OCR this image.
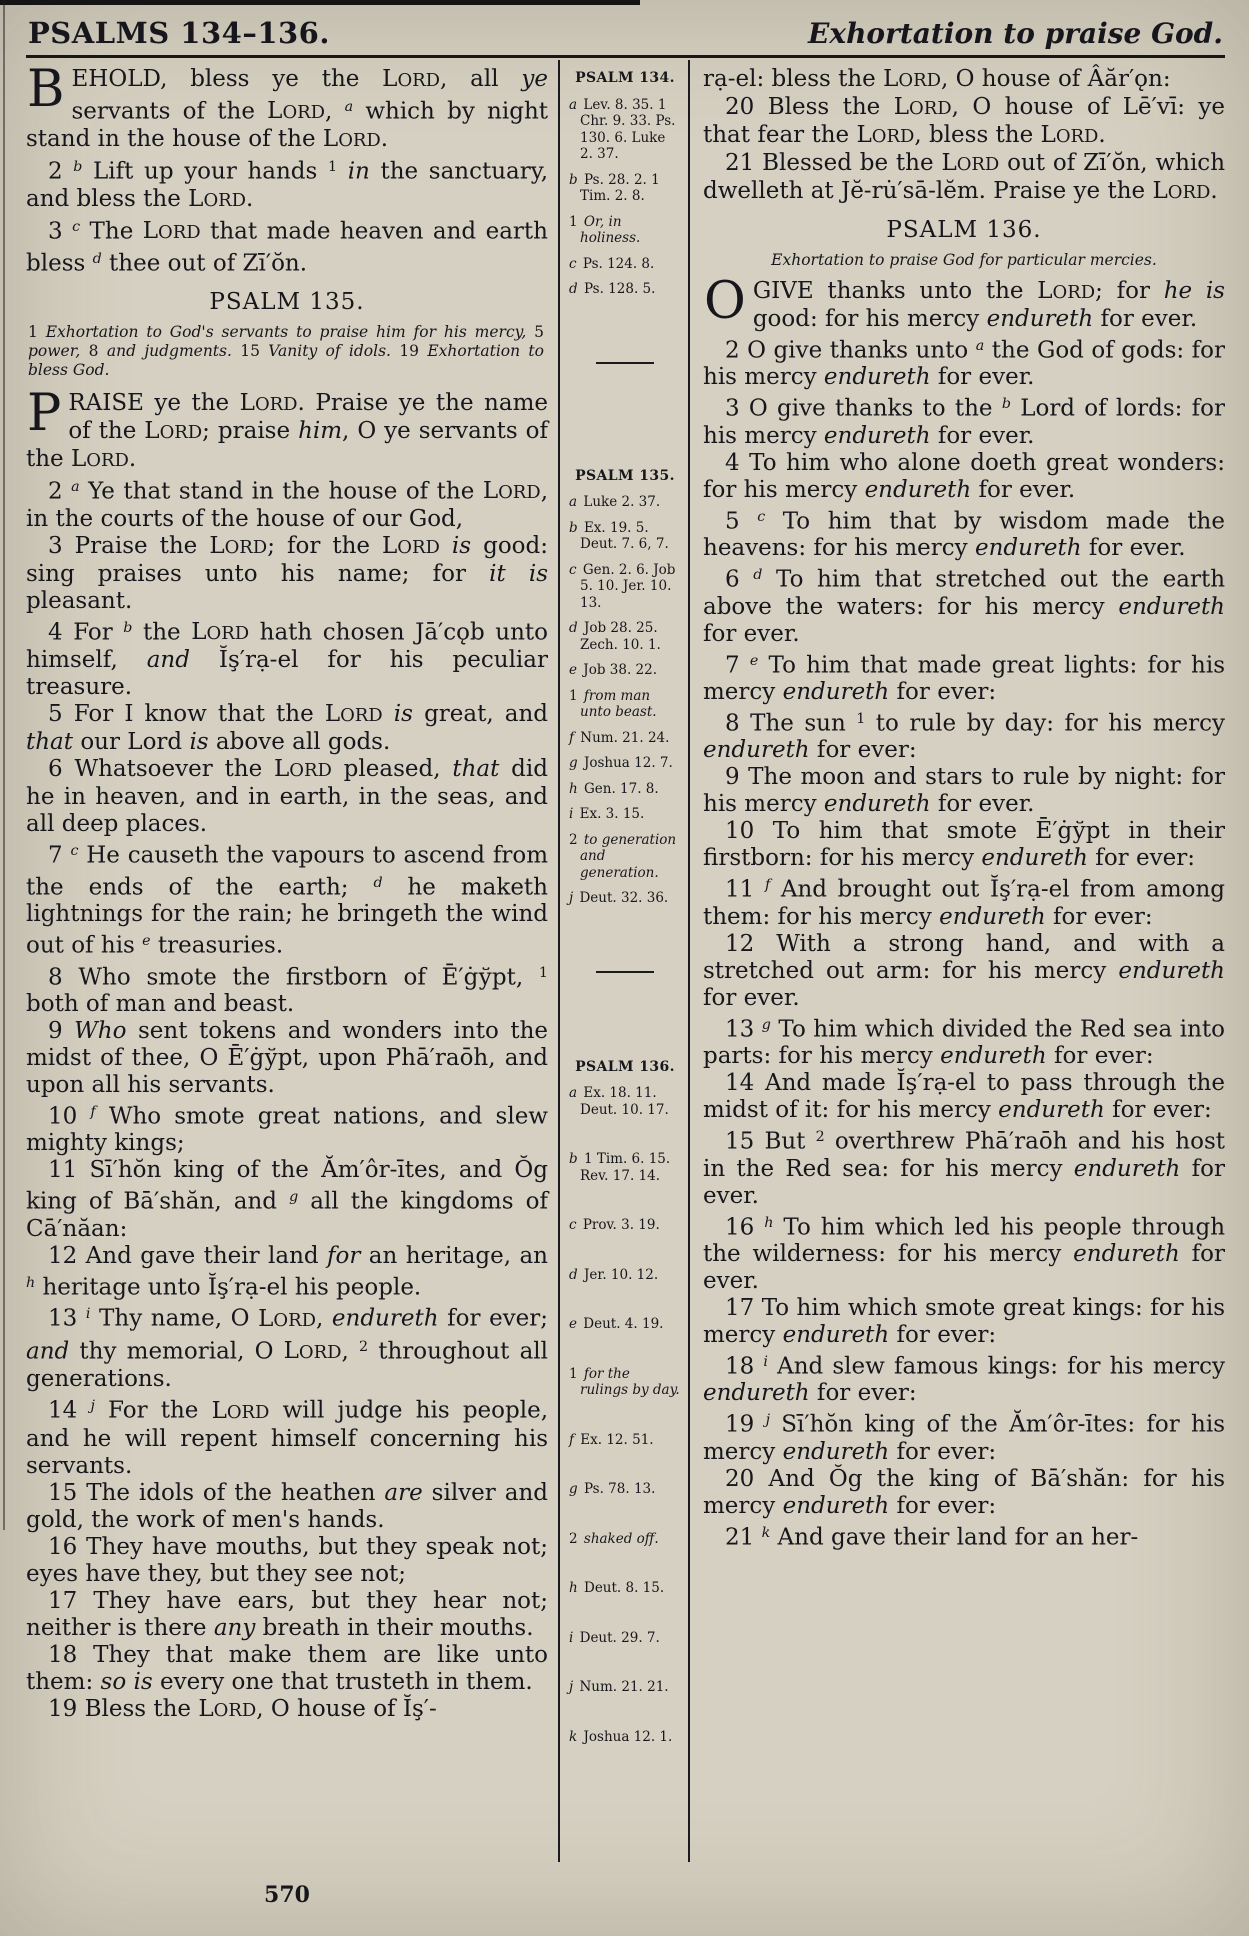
PSALMS 134–136.	Exhortation to praise God.

BEHOLD, bless ye the LORD, all ye servants of the LORD, $^a$ which by night stand in the house of the LORD.

2 $^b$ Lift up your hands $^1$ in the sanctuary, and bless the LORD.

3 $^c$ The LORD that made heaven and earth bless $^d$ thee out of Zī′ŏn.

PSALM 135.
1 Exhortation to God's servants to praise him for his mercy, 5 power, 8 and judgments. 15 Vanity of idols. 19 Exhortation to bless God.

PRAISE ye the LORD. Praise ye the name of the LORD; praise him, O ye servants of the LORD.

2 $^a$ Ye that stand in the house of the LORD, in the courts of the house of our God,

3 Praise the LORD; for the LORD is good: sing praises unto his name; for it is pleasant.

4 For $^b$ the LORD hath chosen Jā′cǫb unto himself, and Ĭş′rạ-el for his peculiar treasure.

5 For I know that the LORD is great, and that our Lord is above all gods.

6 Whatsoever the LORD pleased, that did he in heaven, and in earth, in the seas, and all deep places.

7 $^c$ He causeth the vapours to ascend from the ends of the earth; $^d$ he maketh lightnings for the rain; he bringeth the wind out of his $^e$ treasuries.

8 Who smote the firstborn of Ē′ġўpt, $^1$ both of man and beast.

9 Who sent tokens and wonders into the midst of thee, O Ē′ġўpt, upon Phā′raōh, and upon all his servants.

10 $^f$ Who smote great nations, and slew mighty kings;

11 Sī′hŏn king of the Ăm′ôr-ītes, and Ŏg king of Bā′shăn, and $^g$ all the kingdoms of Cā′năan:

12 And gave their land for an heritage, an $^h$ heritage unto Ĭş′rạ-el his people.

13 $^i$ Thy name, O LORD, endureth for ever; and thy memorial, O LORD, $^2$ throughout all generations.

14 $^j$ For the LORD will judge his people, and he will repent himself concerning his servants.

15 The idols of the heathen are silver and gold, the work of men's hands.

16 They have mouths, but they speak not; eyes have they, but they see not;

17 They have ears, but they hear not; neither is there any breath in their mouths.

18 They that make them are like unto them: so is every one that trusteth in them.

19 Bless the LORD, O house of Ĭş′-

PSALM 134.
a Lev. 8. 35. 1 Chr. 9. 33. Ps. 130. 6. Luke 2. 37.
b Ps. 28. 2. 1 Tim. 2. 8.
1 Or, in holiness.
c Ps. 124. 8.
d Ps. 128. 5.
PSALM 135.
a Luke 2. 37.
b Ex. 19. 5. Deut. 7. 6, 7.
c Gen. 2. 6. Job 5. 10. Jer. 10. 13.
d Job 28. 25. Zech. 10. 1.
e Job 38. 22.
1 from man unto beast.
f Num. 21. 24.
g Joshua 12. 7.
h Gen. 17. 8.
i Ex. 3. 15.
2 to generation and generation.
j Deut. 32. 36.
PSALM 136.
a Ex. 18. 11. Deut. 10. 17.
b 1 Tim. 6. 15. Rev. 17. 14.
c Prov. 3. 19.
d Jer. 10. 12.
e Deut. 4. 19.
1 for the rulings by day.
f Ex. 12. 51.
g Ps. 78. 13.
2 shaked off.
h Deut. 8. 15.
i Deut. 29. 7.
j Num. 21. 21.
k Joshua 12. 1.

rạ-el: bless the LORD, O house of Âăr′ǫn:

20 Bless the LORD, O house of Lē′vī: ye that fear the LORD, bless the LORD.

21 Blessed be the LORD out of Zī′ŏn, which dwelleth at Jĕ-ru̇′sā-lĕm. Praise ye the LORD.

PSALM 136.
Exhortation to praise God for particular mercies.

OGIVE thanks unto the LORD; for he is good: for his mercy endureth for ever.

2 O give thanks unto $^a$ the God of gods: for his mercy endureth for ever.

3 O give thanks to the $^b$ Lord of lords: for his mercy endureth for ever.

4 To him who alone doeth great wonders: for his mercy endureth for ever.

5 $^c$ To him that by wisdom made the heavens: for his mercy endureth for ever.

6 $^d$ To him that stretched out the earth above the waters: for his mercy endureth for ever.

7 $^e$ To him that made great lights: for his mercy endureth for ever:

8 The sun $^1$ to rule by day: for his mercy endureth for ever:

9 The moon and stars to rule by night: for his mercy endureth for ever.

10 To him that smote Ē′ġўpt in their firstborn: for his mercy endureth for ever:

11 $^f$ And brought out Ĭş′rạ-el from among them: for his mercy endureth for ever:

12 With a strong hand, and with a stretched out arm: for his mercy endureth for ever.

13 $^g$ To him which divided the Red sea into parts: for his mercy endureth for ever:

14 And made Ĭş′rạ-el to pass through the midst of it: for his mercy endureth for ever:

15 But $^2$ overthrew Phā′raōh and his host in the Red sea: for his mercy endureth for ever.

16 $^h$ To him which led his people through the wilderness: for his mercy endureth for ever.

17 To him which smote great kings: for his mercy endureth for ever:

18 $^i$ And slew famous kings: for his mercy endureth for ever:

19 $^j$ Sī′hŏn king of the Ăm′ôr-ītes: for his mercy endureth for ever:

20 And Ŏg the king of Bā′shăn: for his mercy endureth for ever:

21 $^k$ And gave their land for an her-

570
